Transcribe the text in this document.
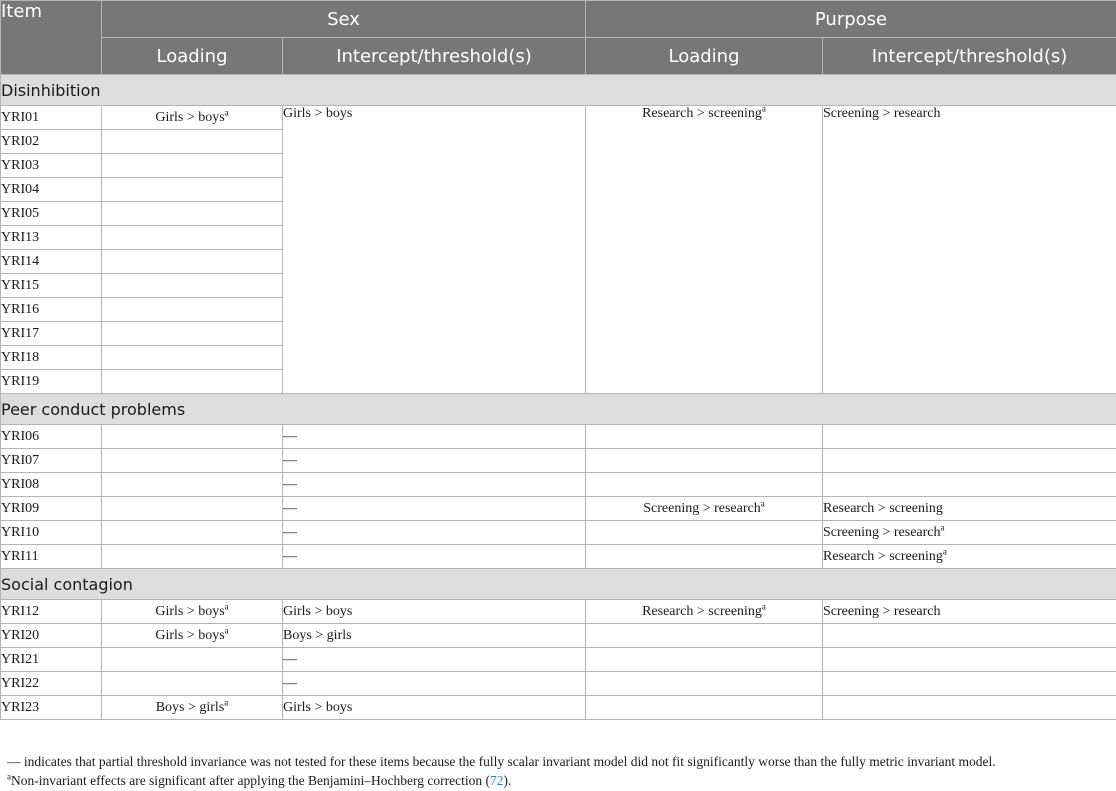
Item	Sex		Purpose	
	Loading	Intercept/threshold(s)	Loading	Intercept/threshold(s)
Disinhibition				
YRI01	Girls > boys$^a$	Girls > boys	Research > screening$^a$	Screening > research
YRI02				
YRI03				
YRI04				
YRI05				
YRI13				
YRI14				
YRI15				
YRI16				
YRI17				
YRI18				
YRI19				
Peer conduct problems				
YRI06		—		
YRI07		—		
YRI08		—		
YRI09		—	Screening > research$^a$	Research > screening
YRI10		—		Screening > research$^a$
YRI11		—		Research > screening$^a$
Social contagion				
YRI12	Girls > boys$^a$	Girls > boys	Research > screening$^a$	Screening > research
YRI20	Girls > boys$^a$	Boys > girls		
YRI21		—		
YRI22		—		
YRI23	Boys > girls$^a$	Girls > boys		
— indicates that partial threshold invariance was not tested for these items because the fully scalar invariant model did not fit significantly worse than the fully metric invariant model.
$^a$Non-invariant effects are significant after applying the Benjamini–Hochberg correction (72).
